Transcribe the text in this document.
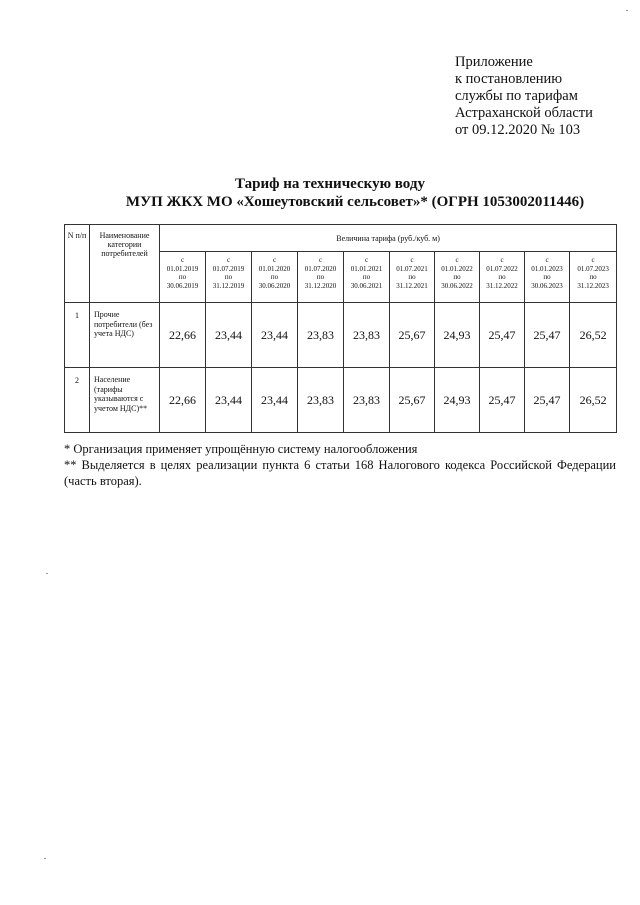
Приложение
к постановлению
службы по тарифам
Астраханской области
от 09.12.2020 № 103
Тариф на техническую воду
МУП ЖКХ МО «Хошеутовский сельсовет»* (ОГРН 1053002011446)
N п/п	Наименование категории потребителей	Величина тарифа (руб./куб. м)									

		с
01.01.2019
по
30.06.2019	с
01.07.2019
по
31.12.2019	с
01.01.2020
по
30.06.2020	с
01.07.2020
по
31.12.2020	с
01.01.2021
по
30.06.2021	с
01.07.2021
по
31.12.2021	с
01.01.2022
по
30.06.2022	с
01.07.2022
по
31.12.2022	с
01.01.2023
по
30.06.2023	с
01.07.2023
по
31.12.2023

1	Прочие потребители (без учета НДС)	22,66	23,44	23,44	23,83	23,83	25,67	24,93	25,47	25,47	26,52
2	Население (тарифы указываются с учетом НДС)**	22,66	23,44	23,44	23,83	23,83	25,67	24,93	25,47	25,47	26,52
* Организация применяет упрощённую систему налогообложения
** Выделяется в целях реализации пункта 6 статьи 168 Налогового кодекса Российской Федерации (часть вторая).
